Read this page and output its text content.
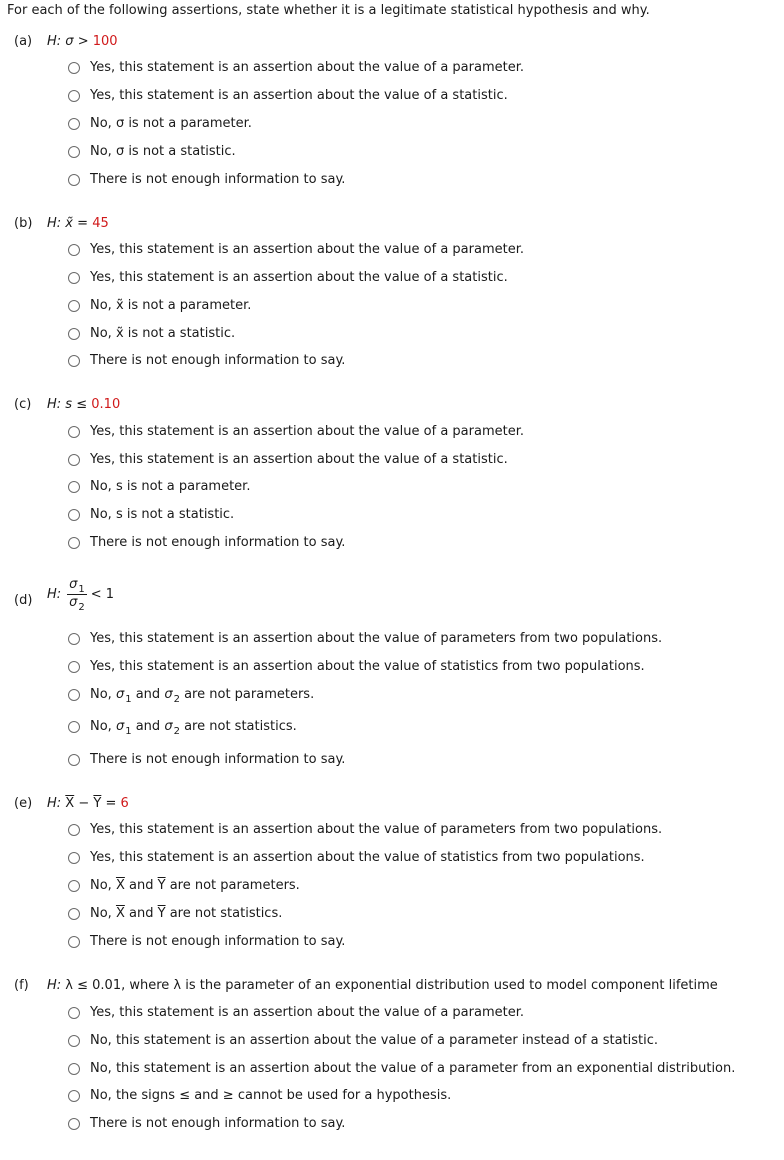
For each of the following assertions, state whether it is a legitimate statistical hypothesis and why.
(a) H: σ > 100
Yes, this statement is an assertion about the value of a parameter.
Yes, this statement is an assertion about the value of a statistic.
No, σ is not a parameter.
No, σ is not a statistic.
There is not enough information to say.
(b) H: x̃ = 45
Yes, this statement is an assertion about the value of a parameter.
Yes, this statement is an assertion about the value of a statistic.
No, x̃ is not a parameter.
No, x̃ is not a statistic.
There is not enough information to say.
(c) H: s ≤ 0.10
Yes, this statement is an assertion about the value of a parameter.
Yes, this statement is an assertion about the value of a statistic.
No, s is not a parameter.
No, s is not a statistic.
There is not enough information to say.
(d) H: $\frac{\sigma_1}{\sigma_2} < 1$
Yes, this statement is an assertion about the value of parameters from two populations.
Yes, this statement is an assertion about the value of statistics from two populations.
No, $\sigma_1$ and $\sigma_2$ are not parameters.
No, $\sigma_1$ and $\sigma_2$ are not statistics.
There is not enough information to say.
(e) H: $\overline{X} - \overline{Y} = 6$
Yes, this statement is an assertion about the value of parameters from two populations.
Yes, this statement is an assertion about the value of statistics from two populations.
No, $\overline{X}$ and $\overline{Y}$ are not parameters.
No, $\overline{X}$ and $\overline{Y}$ are not statistics.
There is not enough information to say.
(f) H: λ ≤ 0.01, where λ is the parameter of an exponential distribution used to model component lifetime
Yes, this statement is an assertion about the value of a parameter.
No, this statement is an assertion about the value of a parameter instead of a statistic.
No, this statement is an assertion about the value of a parameter from an exponential distribution.
No, the signs ≤ and ≥ cannot be used for a hypothesis.
There is not enough information to say.
